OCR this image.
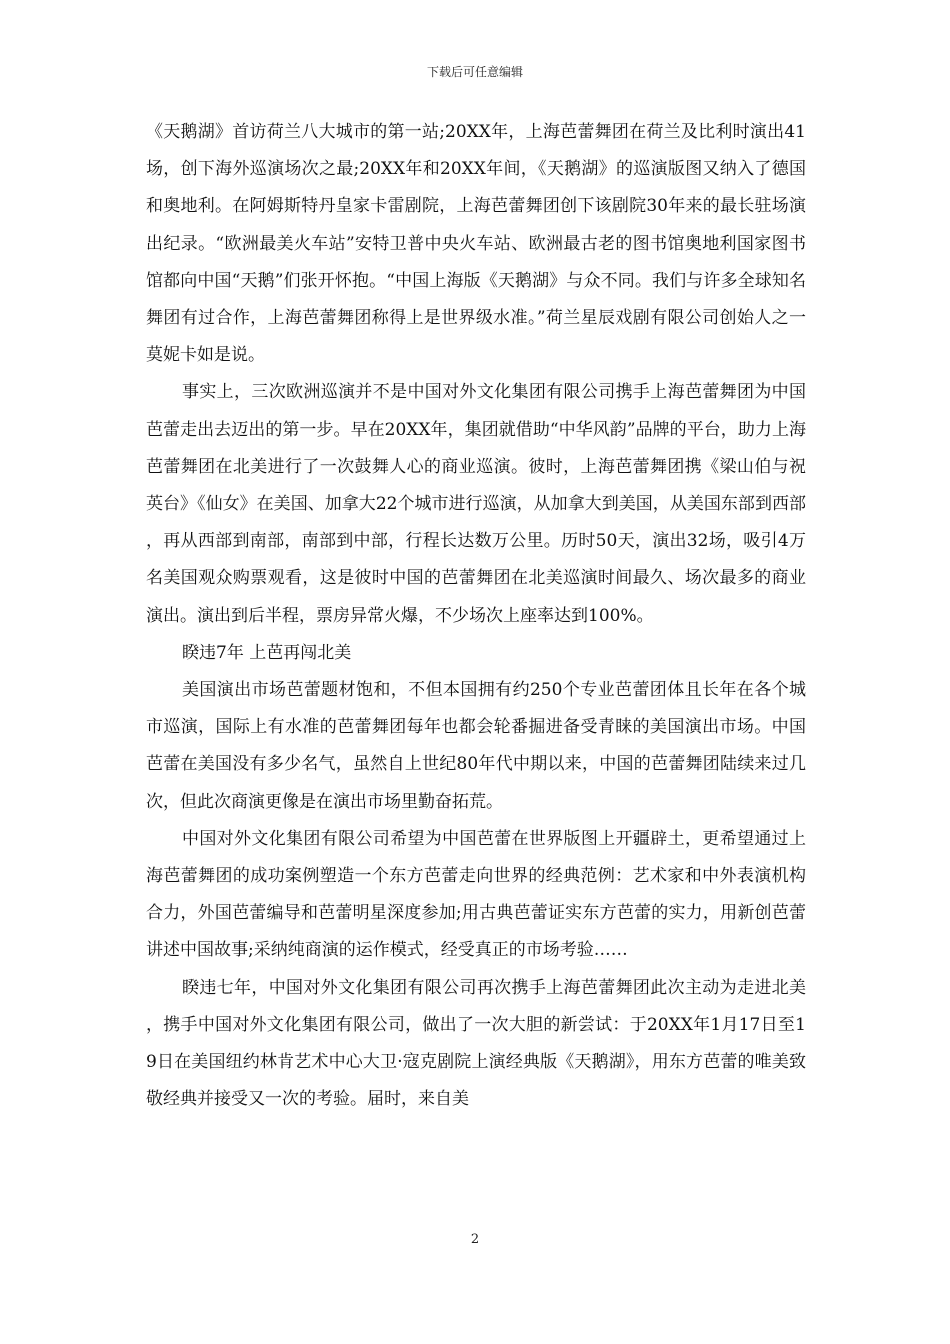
下载后可任意编辑

《天鹅湖》首访荷兰八大城市的第一站;20XX年，上海芭蕾舞团在荷兰及比利时演出41场，创下海外巡演场次之最;20XX年和20XX年间，《天鹅湖》的巡演版图又纳入了德国和奥地利。在阿姆斯特丹皇家卡雷剧院，上海芭蕾舞团创下该剧院30年来的最长驻场演出纪录。“欧洲最美火车站”安特卫普中央火车站、欧洲最古老的图书馆奥地利国家图书馆都向中国“天鹅”们张开怀抱。“中国上海版《天鹅湖》与众不同。我们与许多全球知名舞团有过合作，上海芭蕾舞团称得上是世界级水准。”荷兰星辰戏剧有限公司创始人之一莫妮卡如是说。

事实上，三次欧洲巡演并不是中国对外文化集团有限公司携手上海芭蕾舞团为中国芭蕾走出去迈出的第一步。早在20XX年，集团就借助“中华风韵”品牌的平台，助力上海芭蕾舞团在北美进行了一次鼓舞人心的商业巡演。彼时，上海芭蕾舞团携《梁山伯与祝英台》《仙女》在美国、加拿大22个城市进行巡演，从加拿大到美国，从美国东部到西部，再从西部到南部，南部到中部，行程长达数万公里。历时50天，演出32场，吸引4万名美国观众购票观看，这是彼时中国的芭蕾舞团在北美巡演时间最久、场次最多的商业演出。演出到后半程，票房异常火爆，不少场次上座率达到100%。

睽违7年 上芭再闯北美

美国演出市场芭蕾题材饱和，不但本国拥有约250个专业芭蕾团体且长年在各个城市巡演，国际上有水准的芭蕾舞团每年也都会轮番掘进备受青睐的美国演出市场。中国芭蕾在美国没有多少名气，虽然自上世纪80年代中期以来，中国的芭蕾舞团陆续来过几次，但此次商演更像是在演出市场里勤奋拓荒。

中国对外文化集团有限公司希望为中国芭蕾在世界版图上开疆辟土，更希望通过上海芭蕾舞团的成功案例塑造一个东方芭蕾走向世界的经典范例：艺术家和中外表演机构合力，外国芭蕾编导和芭蕾明星深度参加;用古典芭蕾证实东方芭蕾的实力，用新创芭蕾讲述中国故事;采纳纯商演的运作模式，经受真正的市场考验……

睽违七年，中国对外文化集团有限公司再次携手上海芭蕾舞团此次主动为走进北美，携手中国对外文化集团有限公司，做出了一次大胆的新尝试：于20XX年1月17日至19日在美国纽约林肯艺术中心大卫·寇克剧院上演经典版《天鹅湖》，用东方芭蕾的唯美致敬经典并接受又一次的考验。届时，来自美

2
